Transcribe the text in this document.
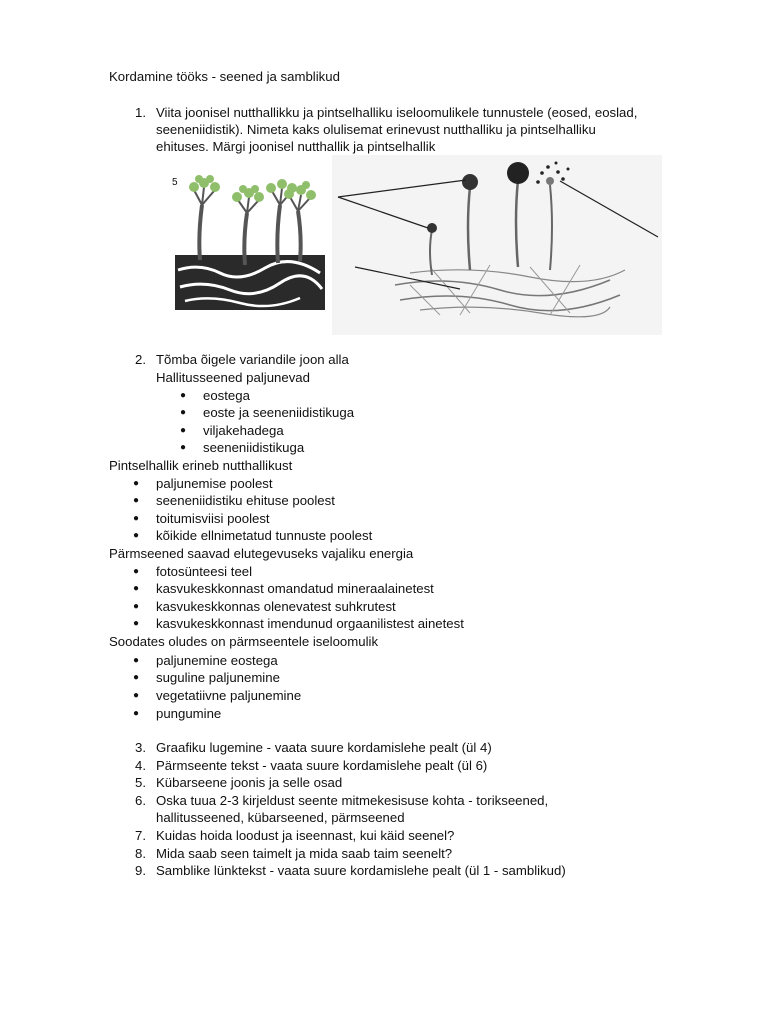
Kordamine tööks - seened ja samblikud
1. Viita joonisel nutthallikku ja pintselhalliku iseloomulikele tunnustele (eosed, eoslad,
seeneniidistik). Nimeta kaks olulisemat erinevust nutthalliku ja pintselhalliku
ehituses. Märgi joonisel nutthallik ja pintselhallik
5
2. Tõmba õigele variandile joon alla
Hallitusseened paljunevad
● eostega
● eoste ja seeneniidistikuga
● viljakehadega
● seeneniidistikuga
Pintselhallik erineb nutthallikust
● paljunemise poolest
● seeneniidistiku ehituse poolest
● toitumisviisi poolest
● kõikide ellnimetatud tunnuste poolest
Pärmseened saavad elutegevuseks vajaliku energia
● fotosünteesi teel
● kasvukeskkonnast omandatud mineraalainetest
● kasvukeskkonnas olenevatest suhkrutest
● kasvukeskkonnast imendunud orgaanilistest ainetest
Soodates oludes on pärmseentele iseloomulik
● paljunemine eostega
● suguline paljunemine
● vegetatiivne paljunemine
● pungumine
3. Graafiku lugemine - vaata suure kordamislehe pealt (ül 4)
4. Pärmseente tekst - vaata suure kordamislehe pealt (ül 6)
5. Kübarseene joonis ja selle osad
6. Oska tuua 2-3 kirjeldust seente mitmekesisuse kohta - torikseened,
hallitusseened, kübarseened, pärmseened
7. Kuidas hoida loodust ja iseennast, kui käid seenel?
8. Mida saab seen taimelt ja mida saab taim seenelt?
9. Samblike lünktekst - vaata suure kordamislehe pealt (ül 1 - samblikud)
